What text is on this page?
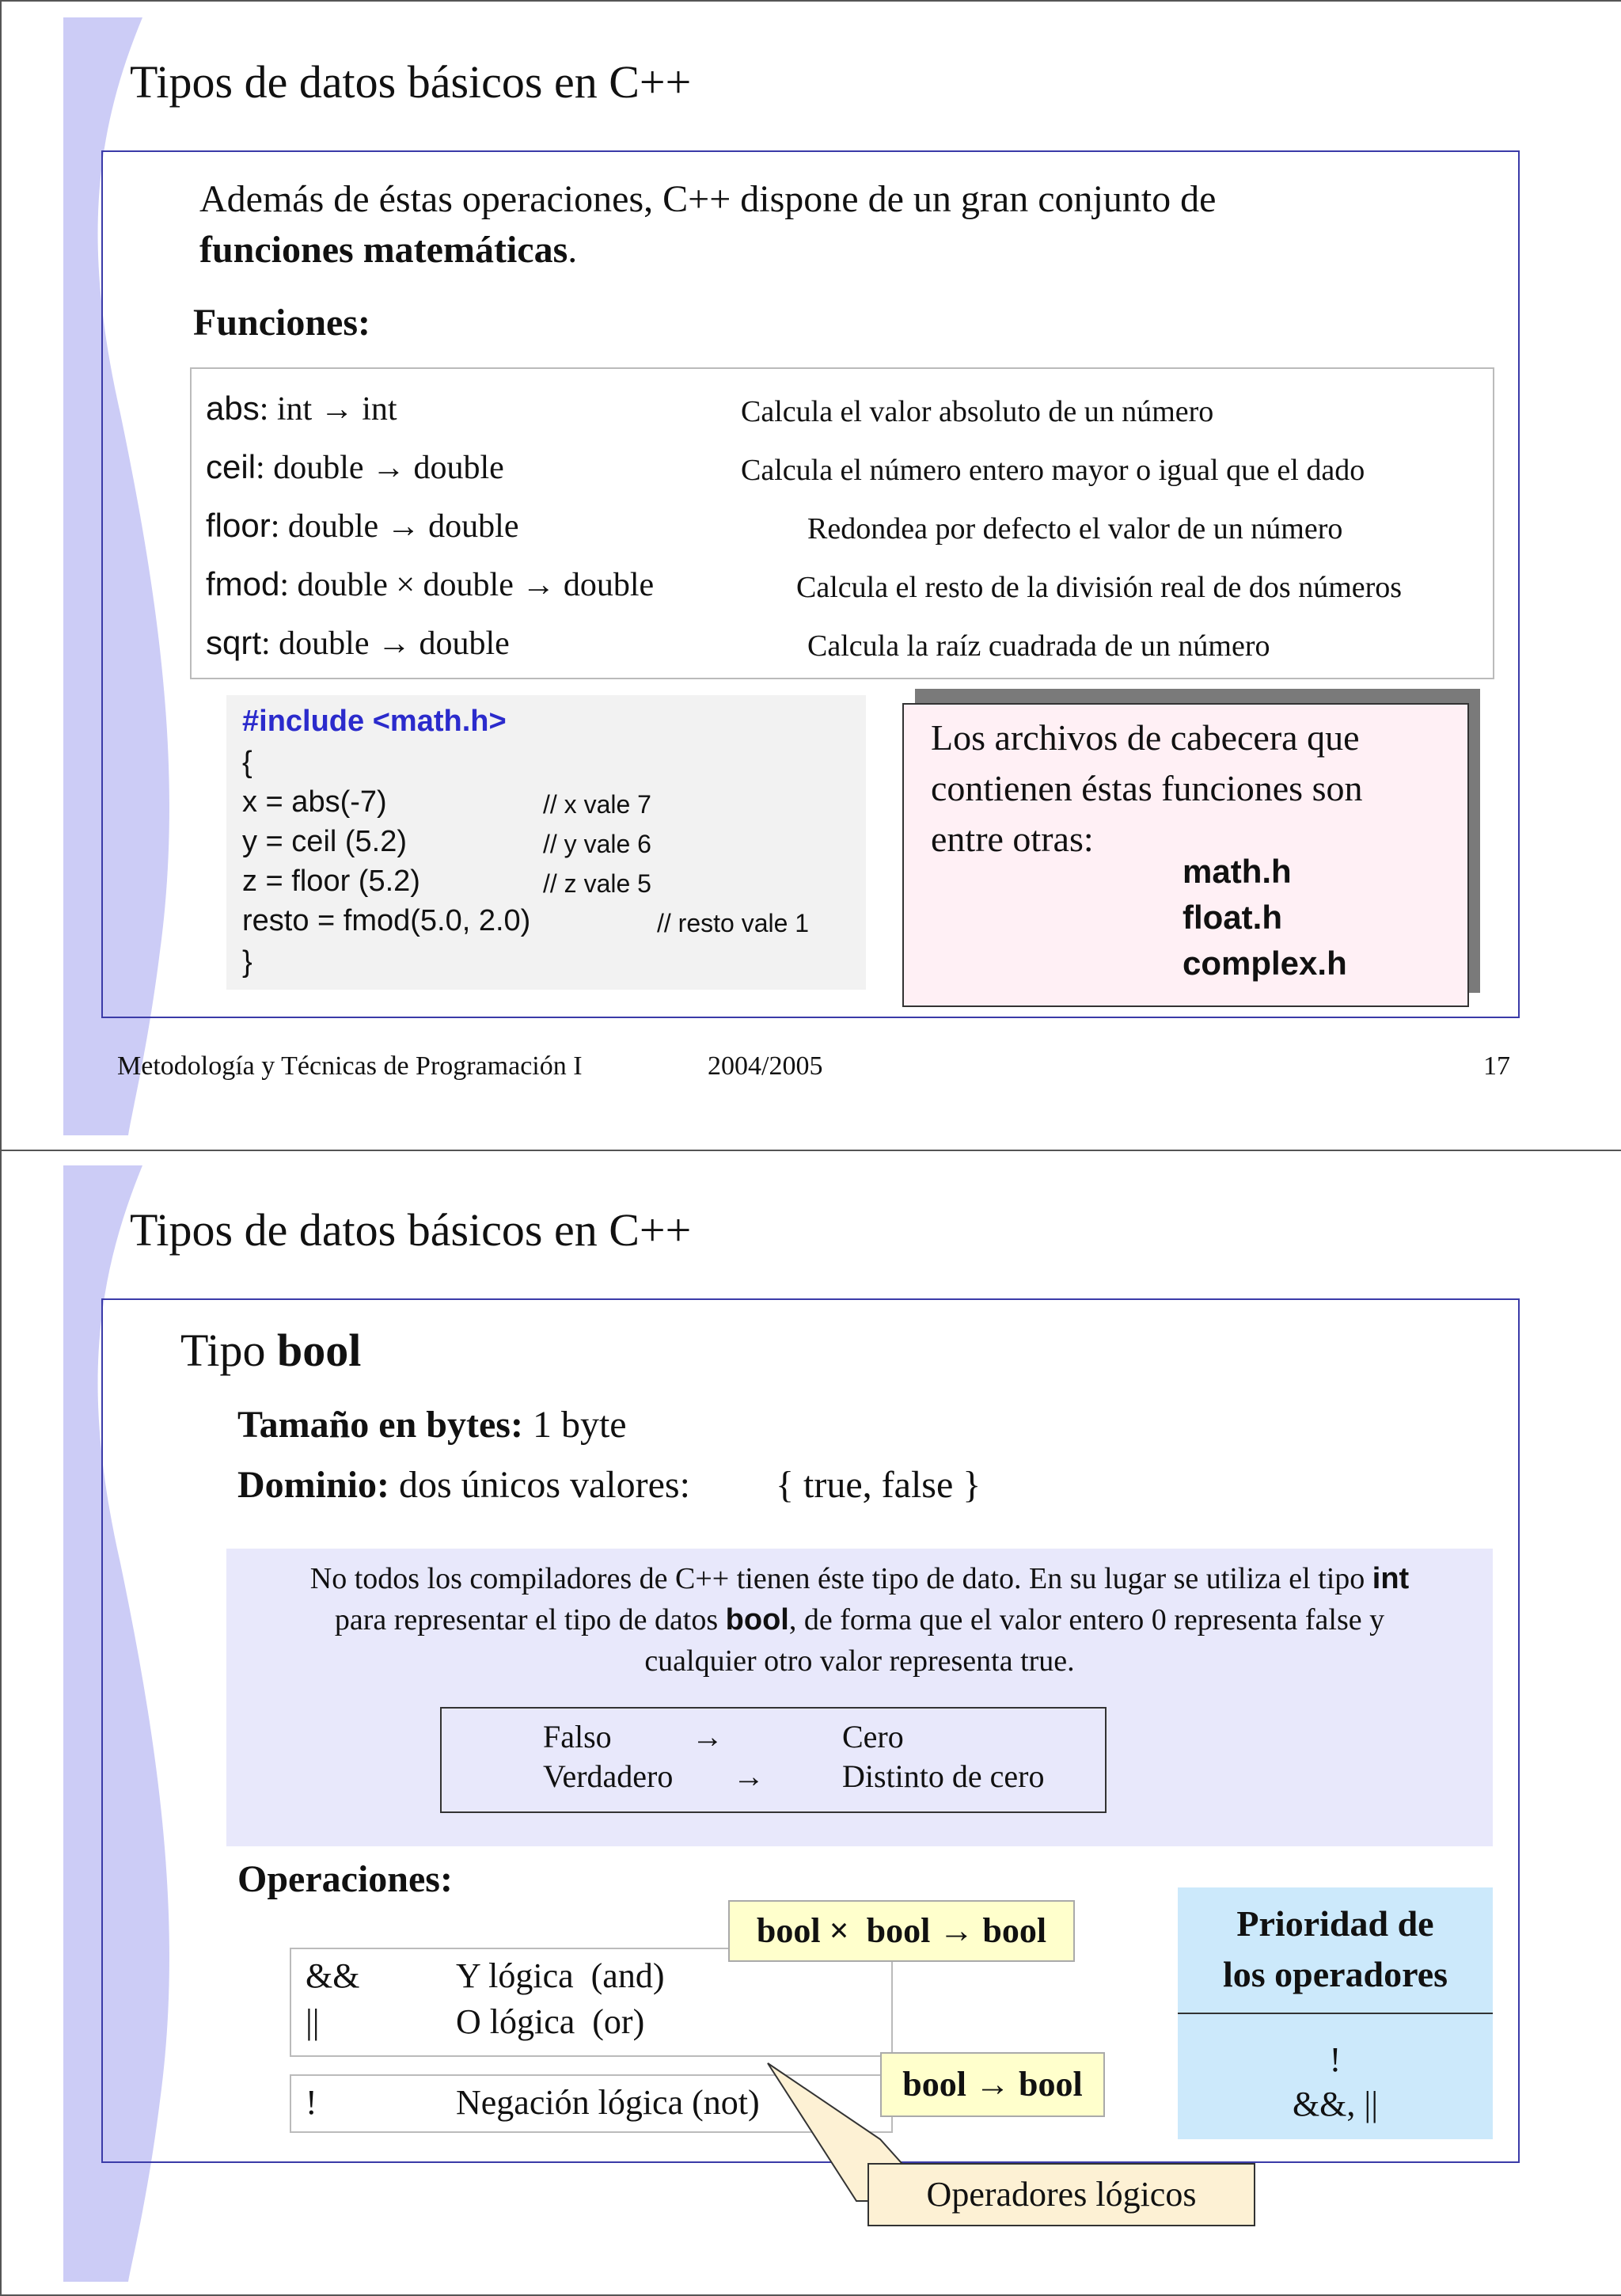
Tipos de datos básicos en C++
Además de éstas operaciones, C++ dispone de un gran conjunto de
funciones matemáticas.
Funciones:
abs: int → int	Calcula el valor absoluto de un número
ceil: double → double	Calcula el número entero mayor o igual que el dado
floor: double → double	Redondea por defecto el valor de un número
fmod: double × double → double	Calcula el resto de la división real de dos números
sqrt: double → double	Calcula la raíz cuadrada de un número
#include <math.h>
{
x = abs(-7)	// x vale 7
y = ceil (5.2)	// y vale 6
z = floor (5.2)	// z vale 5
resto = fmod(5.0, 2.0)	// resto vale 1
}
Los archivos de cabecera que
contienen éstas funciones son
entre otras:
math.h
float.h
complex.h
Metodología y Técnicas de Programación I	2004/2005	17
Tipos de datos básicos en C++
Tipo bool
Tamaño en bytes: 1 byte
Dominio: dos únicos valores: { true, false }
No todos los compiladores de C++ tienen éste tipo de dato. En su lugar se utiliza el tipo int
para representar el tipo de datos bool, de forma que el valor entero 0 representa false y
cualquier otro valor representa true.
Falso	→	Cero
Verdadero → Distinto de cero
Operaciones:
&&	Y lógica  (and)
||	O lógica  (or)
!	Negación lógica (not)
bool ×  bool → bool
bool → bool
Operadores lógicos
Prioridad de
los operadores
!
&&, ||
